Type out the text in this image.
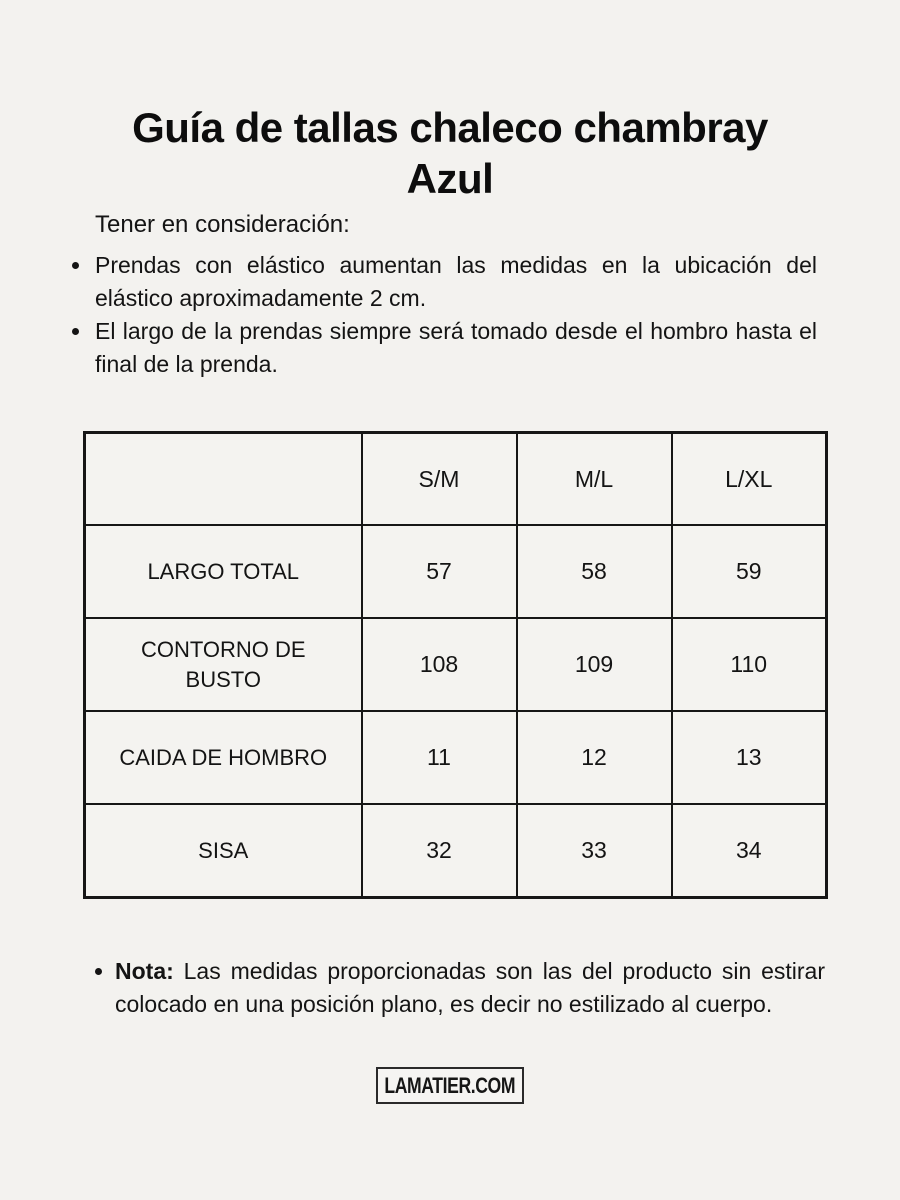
Guía de tallas chaleco chambray
Azul

Tener en consideración:

Prendas con elástico aumentan las medidas en la ubicación del elástico aproximadamente 2 cm.
El largo de la prendas siempre será tomado desde el hombro hasta el final de la prenda.
	S/M	M/L	L/XL

LARGO TOTAL	57	58	59

CONTORNO DE BUSTO	108	109	110

CAIDA DE HOMBRO	11	12	13

SISA	32	33	34

Nota: Las medidas proporcionadas son las del producto sin estirar colocado en una posición plano, es decir no estilizado al cuerpo.

LAMATIER.COM
